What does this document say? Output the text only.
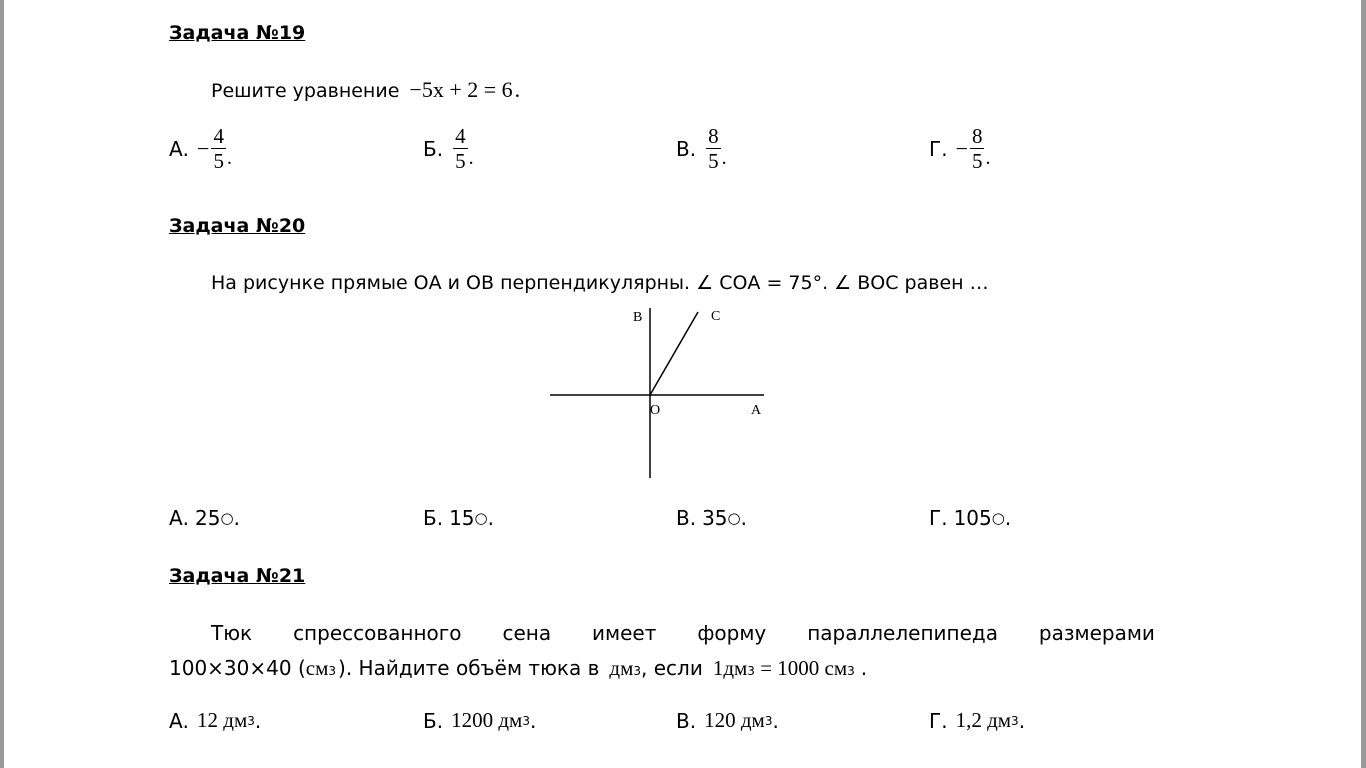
Задача №19
Решите уравнение −5x + 2 = 6 .
А. − $\frac{4}{5}$ .	Б. $\frac{4}{5}$ .	В. $\frac{8}{5}$ .	Г. − $\frac{8}{5}$ .
Задача №20
На рисунке прямые ОА и ОВ перпендикулярны. ∠ СОА = 75°. ∠ ВОС равен …
B	C
O	A
А. 25 ○ .	Б. 15 ○ .	В. 35 ○ .	Г. 105 ○ .
Задача №21
Тюк спрессованного сена имеет форму параллелепипеда размерами
100×30×40 ( см 3 ). Найдите объём тюка в дм 3 , если 1дм 3 = 1000 см 3 .
А. 12 дм 3 .	Б. 1200 дм 3 .	В. 120 дм 3 .	Г. 1,2 дм 3 .
